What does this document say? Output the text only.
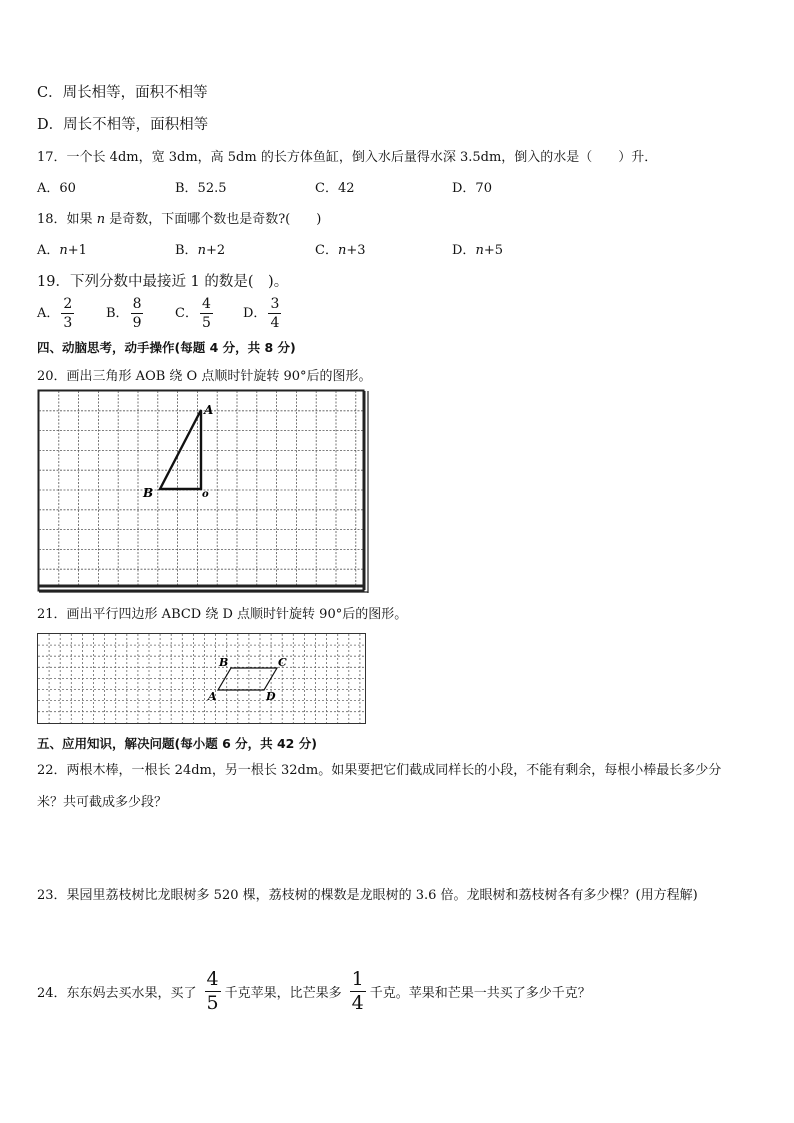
C．周长相等，面积不相等
D．周长不相等，面积相等
17．一个长 4dm，宽 3dm，高 5dm 的长方体鱼缸，倒入水后量得水深 3.5dm，倒入的水是（　　）升．
A．60	B．52.5	C．42	D．70
18．如果 n 是奇数，下面哪个数也是奇数?(　　)
A．n+1	B．n+2	C．n+3	D．n+5
19．下列分数中最接近 1 的数是(　)。
A． $\frac{2}{3}$ B． $\frac{8}{9}$ C． $\frac{4}{5}$ D． $\frac{3}{4}$
四、动脑思考，动手操作(每题 4 分，共 8 分)
20．画出三角形 AOB 绕 O 点顺时针旋转 90°后的图形。
A
B	o
21．画出平行四边形 ABCD 绕 D 点顺时针旋转 90°后的图形。
B	C
A	D
五、应用知识，解决问题(每小题 6 分，共 42 分)
22．两根木棒，一根长 24dm，另一根长 32dm。如果要把它们截成同样长的小段，不能有剩余，每根小棒最长多少分
米？共可截成多少段？
23．果园里荔枝树比龙眼树多 520 棵，荔枝树的棵数是龙眼树的 3.6 倍。龙眼树和荔枝树各有多少棵？(用方程解)
24．东东妈去买水果，买了 $\frac{4}{5}$ 千克苹果，比芒果多 $\frac{1}{4}$ 千克。苹果和芒果一共买了多少千克？
